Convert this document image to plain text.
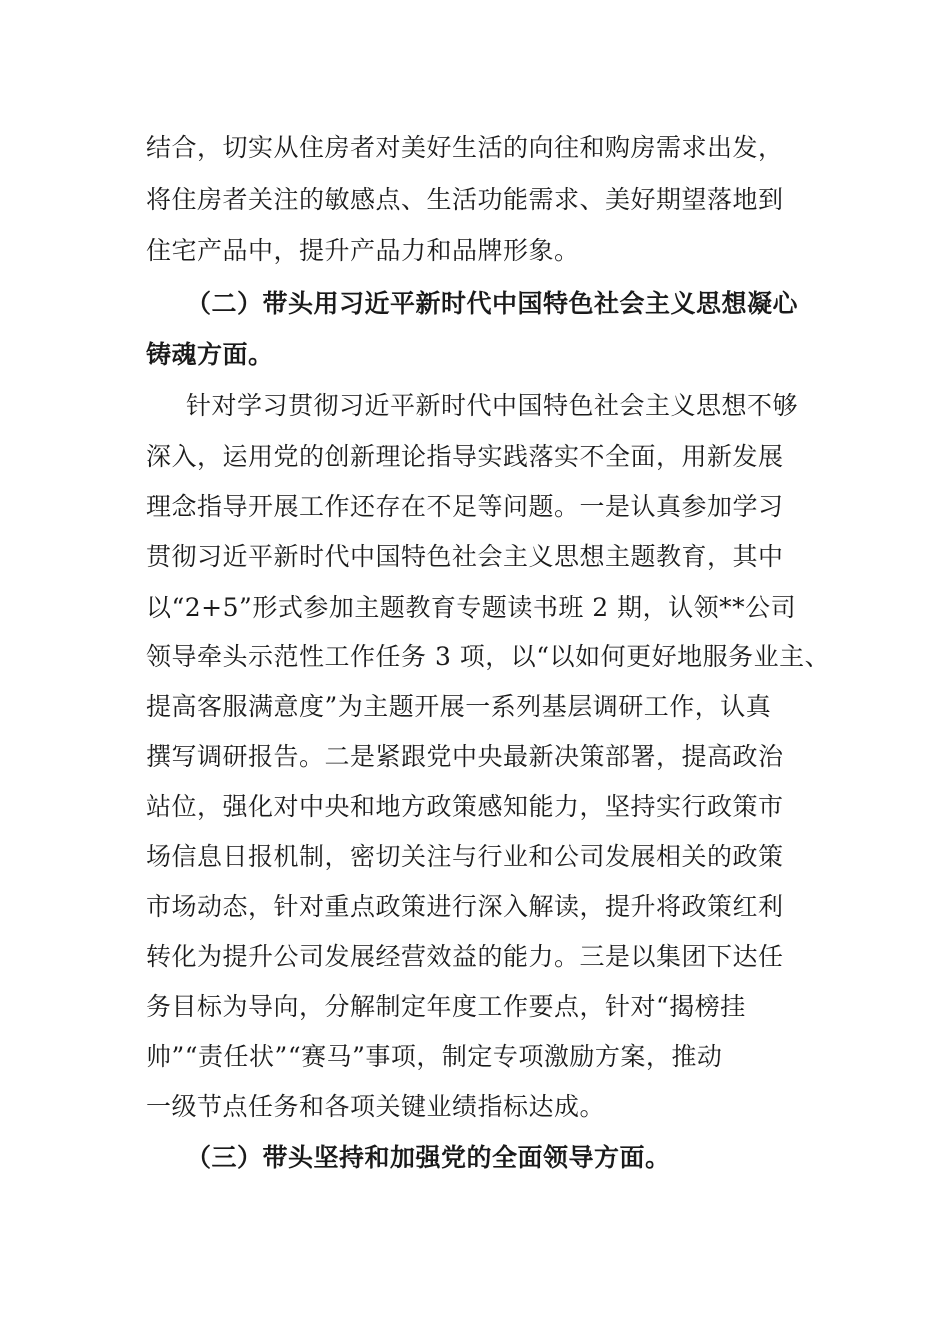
结合，切实从住房者对美好生活的向往和购房需求出发，
将住房者关注的敏感点、生活功能需求、美好期望落地到
住宅产品中，提升产品力和品牌形象。
（二）带头用习近平新时代中国特色社会主义思想凝心
铸魂方面。
针对学习贯彻习近平新时代中国特色社会主义思想不够
深入，运用党的创新理论指导实践落实不全面，用新发展
理念指导开展工作还存在不足等问题。一是认真参加学习
贯彻习近平新时代中国特色社会主义思想主题教育，其中
以“2+5”形式参加主题教育专题读书班 2 期，认领**公司
领导牵头示范性工作任务 3 项，以“以如何更好地服务业主、
提高客服满意度”为主题开展一系列基层调研工作，认真
撰写调研报告。二是紧跟党中央最新决策部署，提高政治
站位，强化对中央和地方政策感知能力，坚持实行政策市
场信息日报机制，密切关注与行业和公司发展相关的政策
市场动态，针对重点政策进行深入解读，提升将政策红利
转化为提升公司发展经营效益的能力。三是以集团下达任
务目标为导向，分解制定年度工作要点，针对“揭榜挂
帅”“责任状”“赛马”事项，制定专项激励方案，推动
一级节点任务和各项关键业绩指标达成。
（三）带头坚持和加强党的全面领导方面。
